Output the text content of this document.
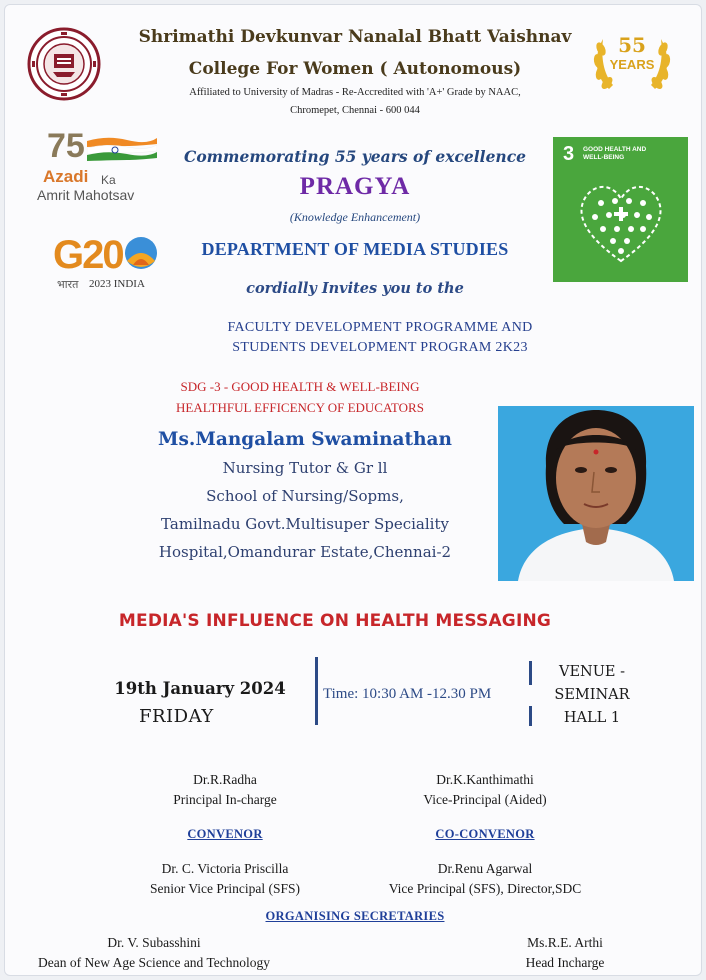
Shrimathi Devkunvar Nanalal Bhatt Vaishnav
College For Women ( Autonomous)
Affiliated to University of Madras - Re-Accredited with 'A+' Grade by NAAC,
Chromepet, Chennai - 600 044
55
YEARS
75
Azadi Ka
Amrit Mahotsav
G20
भारत 2023 INDIA
3 GOOD HEALTH AND WELL-BEING
Commemorating 55 years of excellence
PRAGYA
(Knowledge Enhancement)
DEPARTMENT OF MEDIA STUDIES
cordially Invites you to the
FACULTY DEVELOPMENT PROGRAMME AND
STUDENTS DEVELOPMENT PROGRAM 2K23
SDG -3 - GOOD HEALTH & WELL-BEING
HEALTHFUL EFFICENCY OF EDUCATORS
Ms.Mangalam Swaminathan
Nursing Tutor & Gr ll
School of Nursing/Sopms,
Tamilnadu Govt.Multisuper Speciality
Hospital,Omandurar Estate,Chennai-2
MEDIA'S INFLUENCE ON HEALTH MESSAGING
19th January 2024
FRIDAY
Time: 10:30 AM -12.30 PM
VENUE -
SEMINAR
HALL 1
Dr.R.Radha
Principal In-charge
Dr.K.Kanthimathi
Vice-Principal (Aided)
CONVENOR	CO-CONVENOR
Dr. C. Victoria Priscilla
Senior Vice Principal (SFS)
Dr.Renu Agarwal
Vice Principal (SFS), Director,SDC
ORGANISING SECRETARIES
Dr. V. Subasshini
Dean of New Age Science and Technology
Ms.R.E. Arthi
Head Incharge
